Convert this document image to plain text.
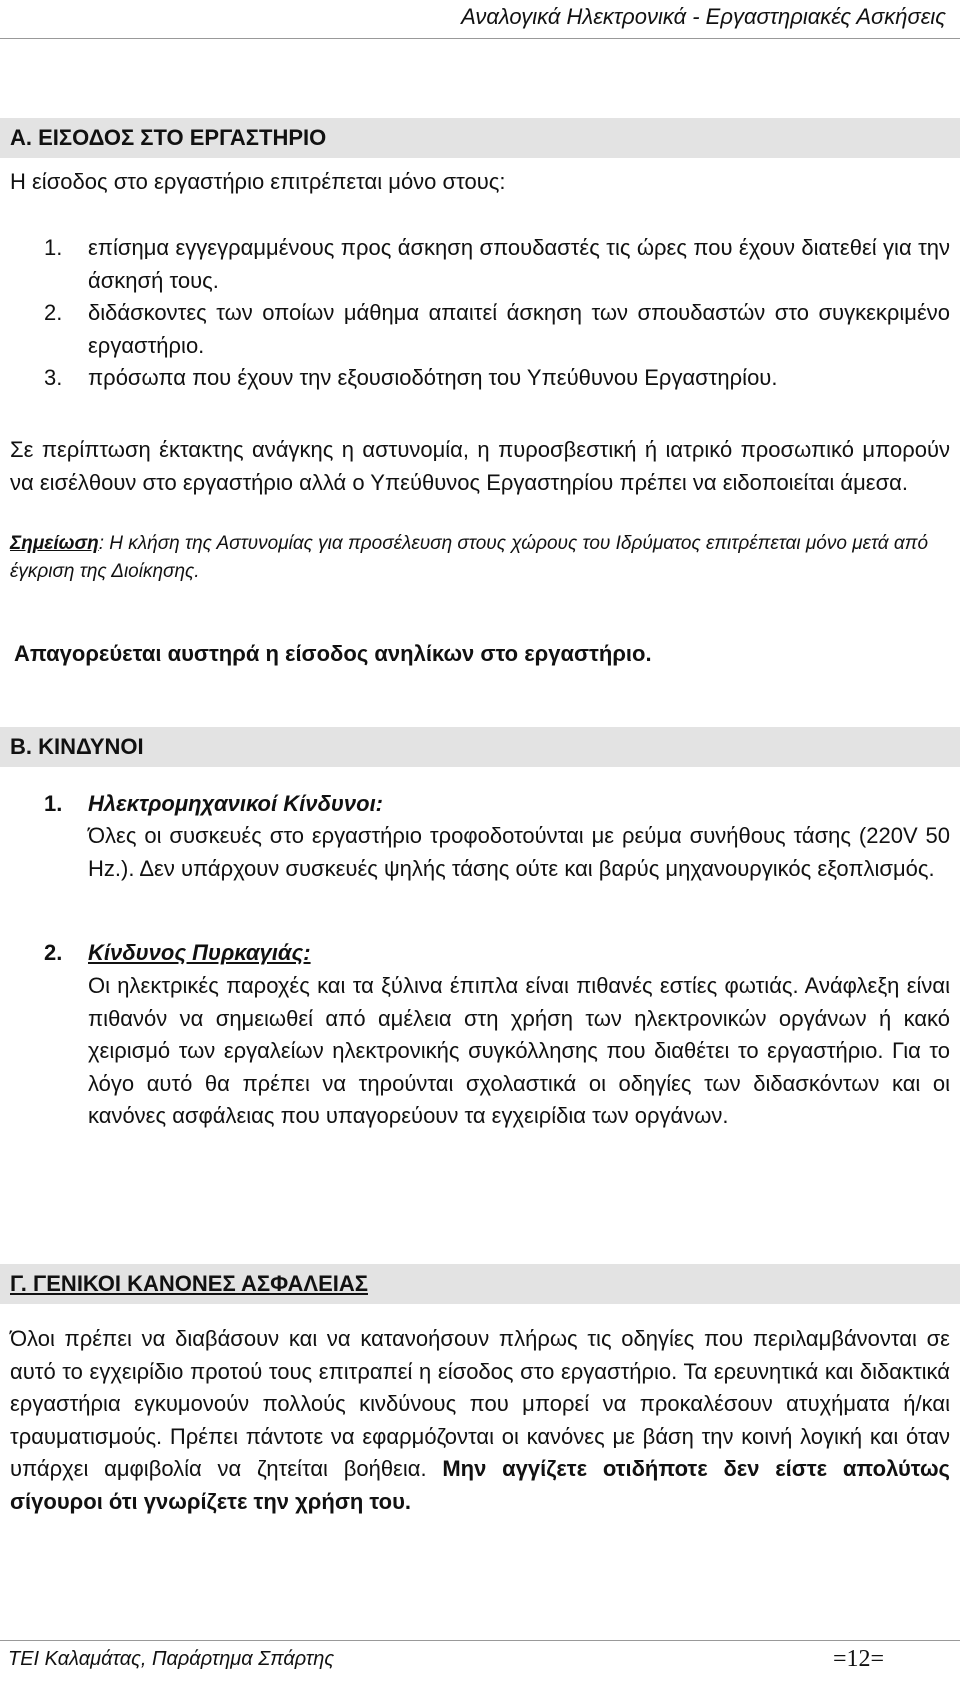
Αναλογικά Ηλεκτρονικά - Εργαστηριακές Ασκήσεις
Α. ΕΙΣΟΔΟΣ ΣΤΟ ΕΡΓΑΣΤΗΡΙΟ
Η είσοδος στο εργαστήριο επιτρέπεται μόνο στους:
1.	επίσημα εγγεγραμμένους προς άσκηση σπουδαστές τις ώρες που έχουν διατεθεί για την άσκησή τους.
2.	διδάσκοντες των οποίων μάθημα απαιτεί άσκηση των σπουδαστών στο συγκεκριμένο εργαστήριο.
3.	πρόσωπα που έχουν την εξουσιοδότηση του Υπεύθυνου Εργαστηρίου.
Σε περίπτωση έκτακτης ανάγκης η αστυνομία, η πυροσβεστική ή ιατρικό προσωπικό μπορούν να εισέλθουν στο εργαστήριο αλλά ο Υπεύθυνος Εργαστηρίου πρέπει να ειδοποιείται άμεσα.
Σημείωση: Η κλήση της Αστυνομίας για προσέλευση στους χώρους του Ιδρύματος επιτρέπεται μόνο μετά από έγκριση της Διοίκησης.
Απαγορεύεται αυστηρά η είσοδος ανηλίκων στο εργαστήριο.
Β. ΚΙΝΔΥΝΟΙ
1.	Ηλεκτρομηχανικοί Κίνδυνοι:
Όλες οι συσκευές στο εργαστήριο τροφοδοτούνται με ρεύμα συνήθους τάσης (220V 50 Hz.). Δεν υπάρχουν συσκευές ψηλής τάσης ούτε και βαρύς μηχανουργικός εξοπλισμός.
2.	Κίνδυνος Πυρκαγιάς:
Οι ηλεκτρικές παροχές και τα ξύλινα έπιπλα είναι πιθανές εστίες φωτιάς. Ανάφλεξη είναι πιθανόν να σημειωθεί από αμέλεια στη χρήση των ηλεκτρονικών οργάνων ή κακό χειρισμό των εργαλείων ηλεκτρονικής συγκόλλησης που διαθέτει το εργαστήριο. Για το λόγο αυτό θα πρέπει να τηρούνται σχολαστικά οι οδηγίες των διδασκόντων και οι κανόνες ασφάλειας που υπαγορεύουν τα εγχειρίδια των οργάνων.
Γ. ΓΕΝΙΚΟΙ ΚΑΝΟΝΕΣ ΑΣΦΑΛΕΙΑΣ
Όλοι πρέπει να διαβάσουν και να κατανοήσουν πλήρως τις οδηγίες που περιλαμβάνονται σε αυτό το εγχειρίδιο προτού τους επιτραπεί η είσοδος στο εργαστήριο. Τα ερευνητικά και διδακτικά εργαστήρια εγκυμονούν πολλούς κινδύνους που μπορεί να προκαλέσουν ατυχήματα ή/και τραυματισμούς. Πρέπει πάντοτε να εφαρμόζονται οι κανόνες με βάση την κοινή λογική και όταν υπάρχει αμφιβολία να ζητείται βοήθεια. Μην αγγίζετε οτιδήποτε δεν είστε απολύτως σίγουροι ότι γνωρίζετε την χρήση του.
ΤΕΙ Καλαμάτας, Παράρτημα Σπάρτης	=12=
